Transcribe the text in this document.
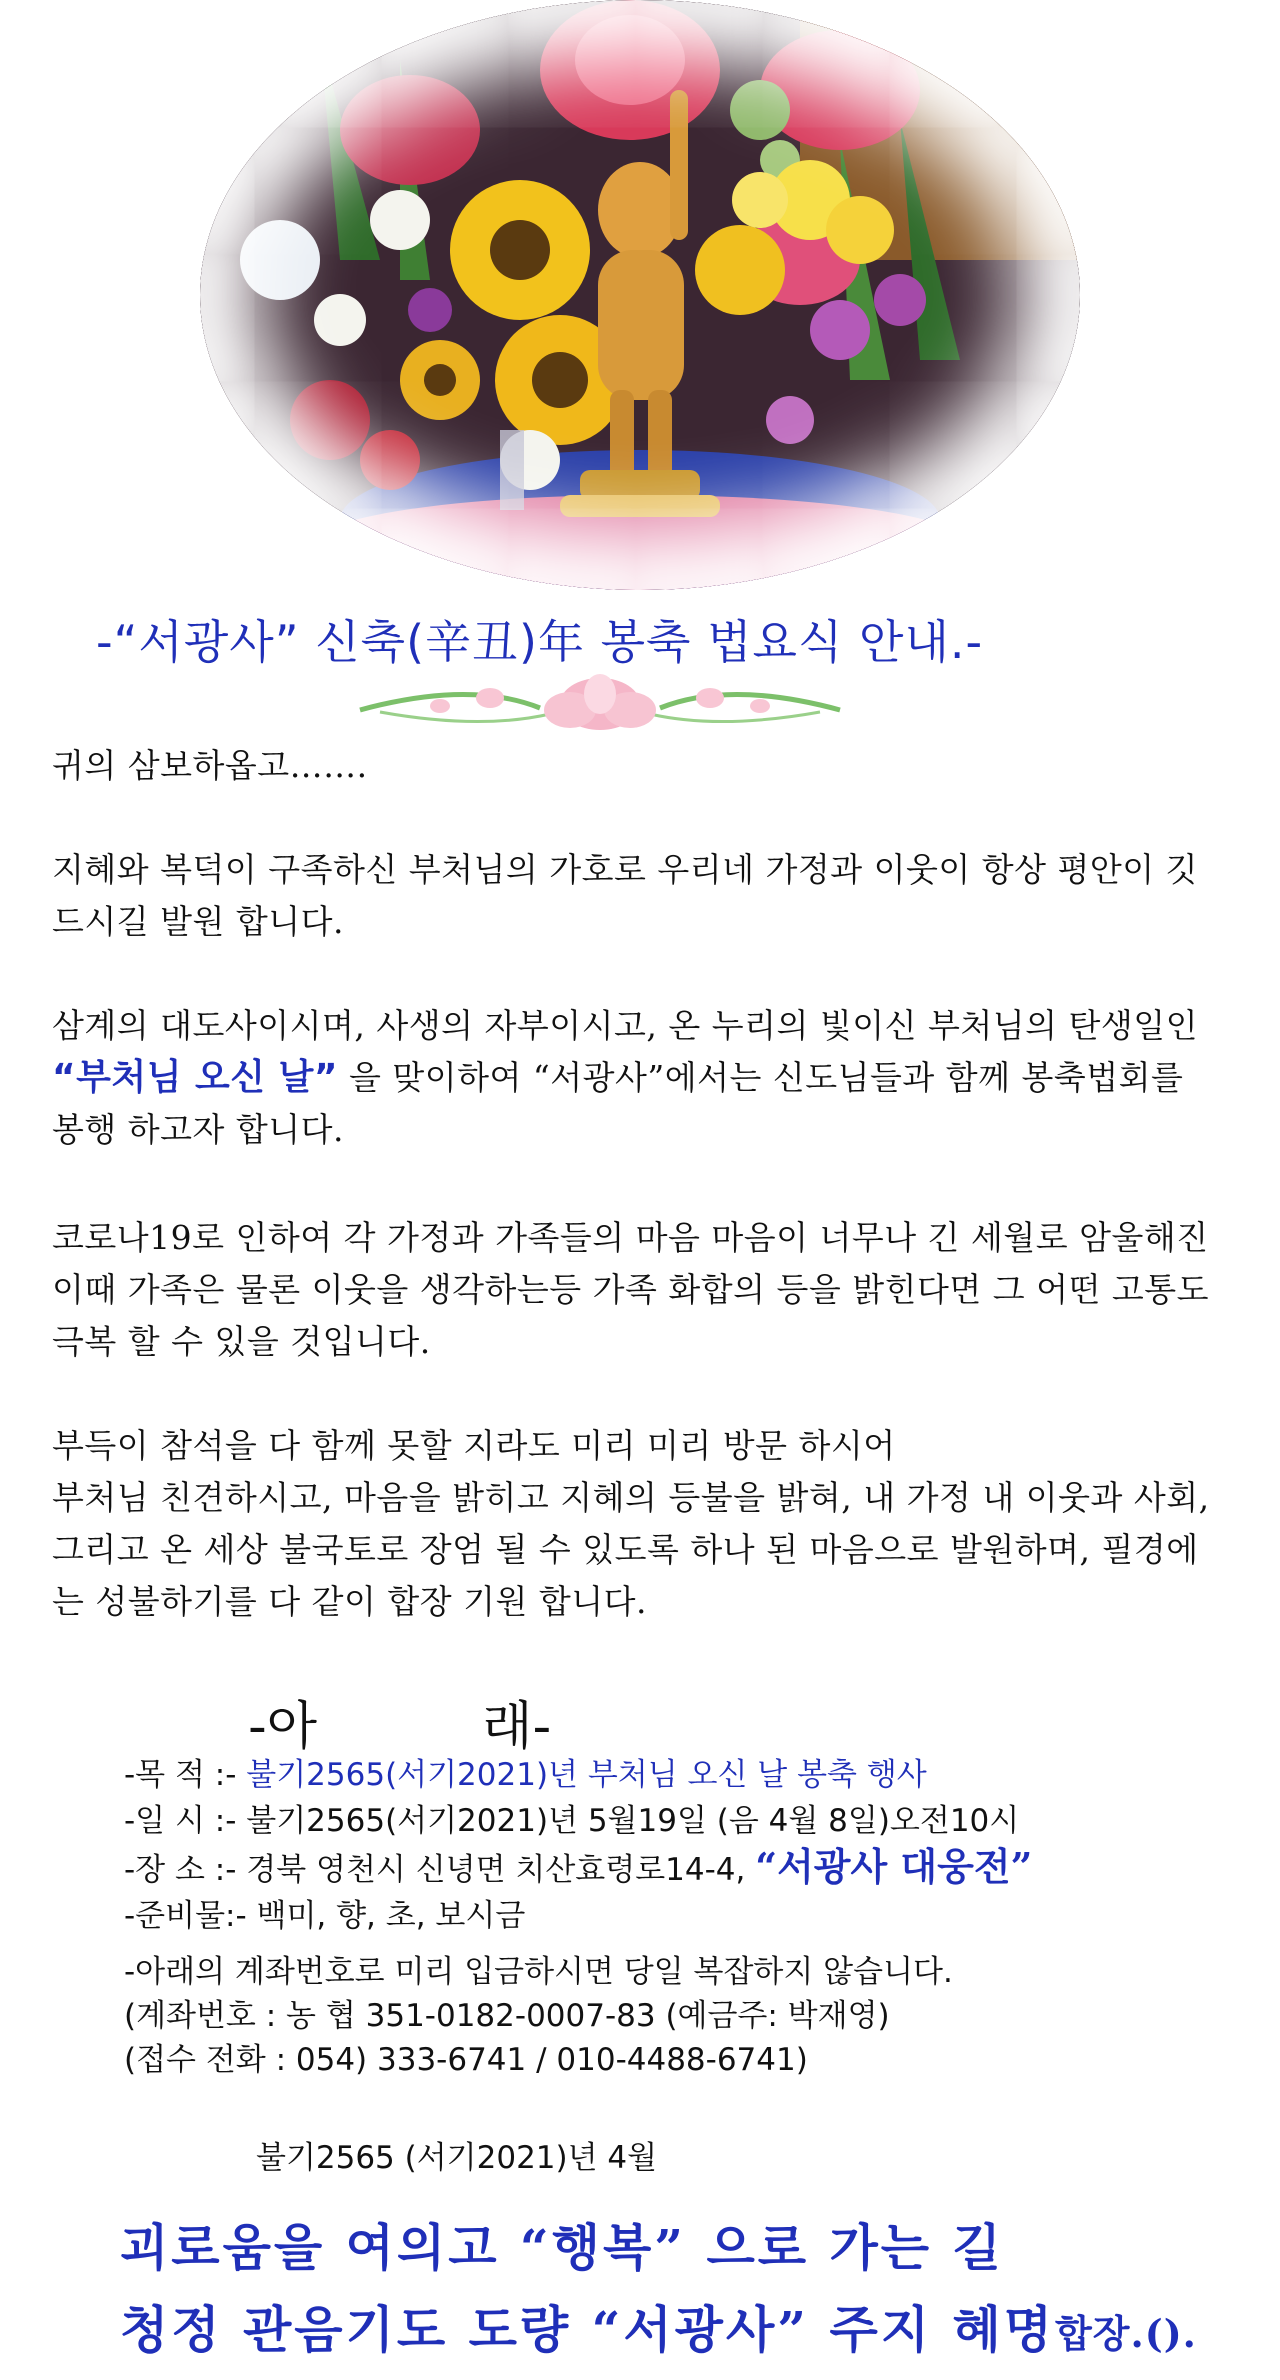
-“서광사” 신축(辛丑)年 봉축 법요식 안내.-
귀의 삼보하옵고…….
지혜와 복덕이 구족하신 부처님의 가호로 우리네 가정과 이웃이 항상 평안이 깃드시길 발원 합니다.
삼계의 대도사이시며, 사생의 자부이시고, 온 누리의 빛이신 부처님의 탄생일인 “부처님 오신 날” 을 맞이하여 “서광사”에서는 신도님들과 함께 봉축법회를 봉행 하고자 합니다.
코로나19로 인하여 각 가정과 가족들의 마음 마음이 너무나 긴 세월로 암울해진 이때 가족은 물론 이웃을 생각하는등 가족 화합의 등을 밝힌다면 그 어떤 고통도 극복 할 수 있을 것입니다.
부득이 참석을 다 함께 못할 지라도 미리 미리 방문 하시어
부처님 친견하시고, 마음을 밝히고 지혜의 등불을 밝혀, 내 가정 내 이웃과 사회, 그리고 온 세상 불국토로 장엄 될 수 있도록 하나 된 마음으로 발원하며, 필경에는 성불하기를 다 같이 합장 기원 합니다.
-아          래-
-목 적 :- 불기2565(서기2021)년 부처님 오신 날 봉축 행사
-일 시 :- 불기2565(서기2021)년 5월19일 (음 4월 8일)오전10시
-장 소 :- 경북 영천시 신녕면 치산효령로14-4, “서광사 대웅전”
-준비물:- 백미, 향, 초, 보시금
-아래의 계좌번호로 미리 입금하시면 당일 복잡하지 않습니다.
(계좌번호 : 농 협 351-0182-0007-83 (예금주: 박재영)
(접수 전화 : 054) 333-6741 / 010-4488-6741)
불기2565 (서기2021)년 4월
괴로움을 여의고 “행복” 으로 가는 길
청정 관음기도 도량 “서광사” 주지 혜명합장.().
